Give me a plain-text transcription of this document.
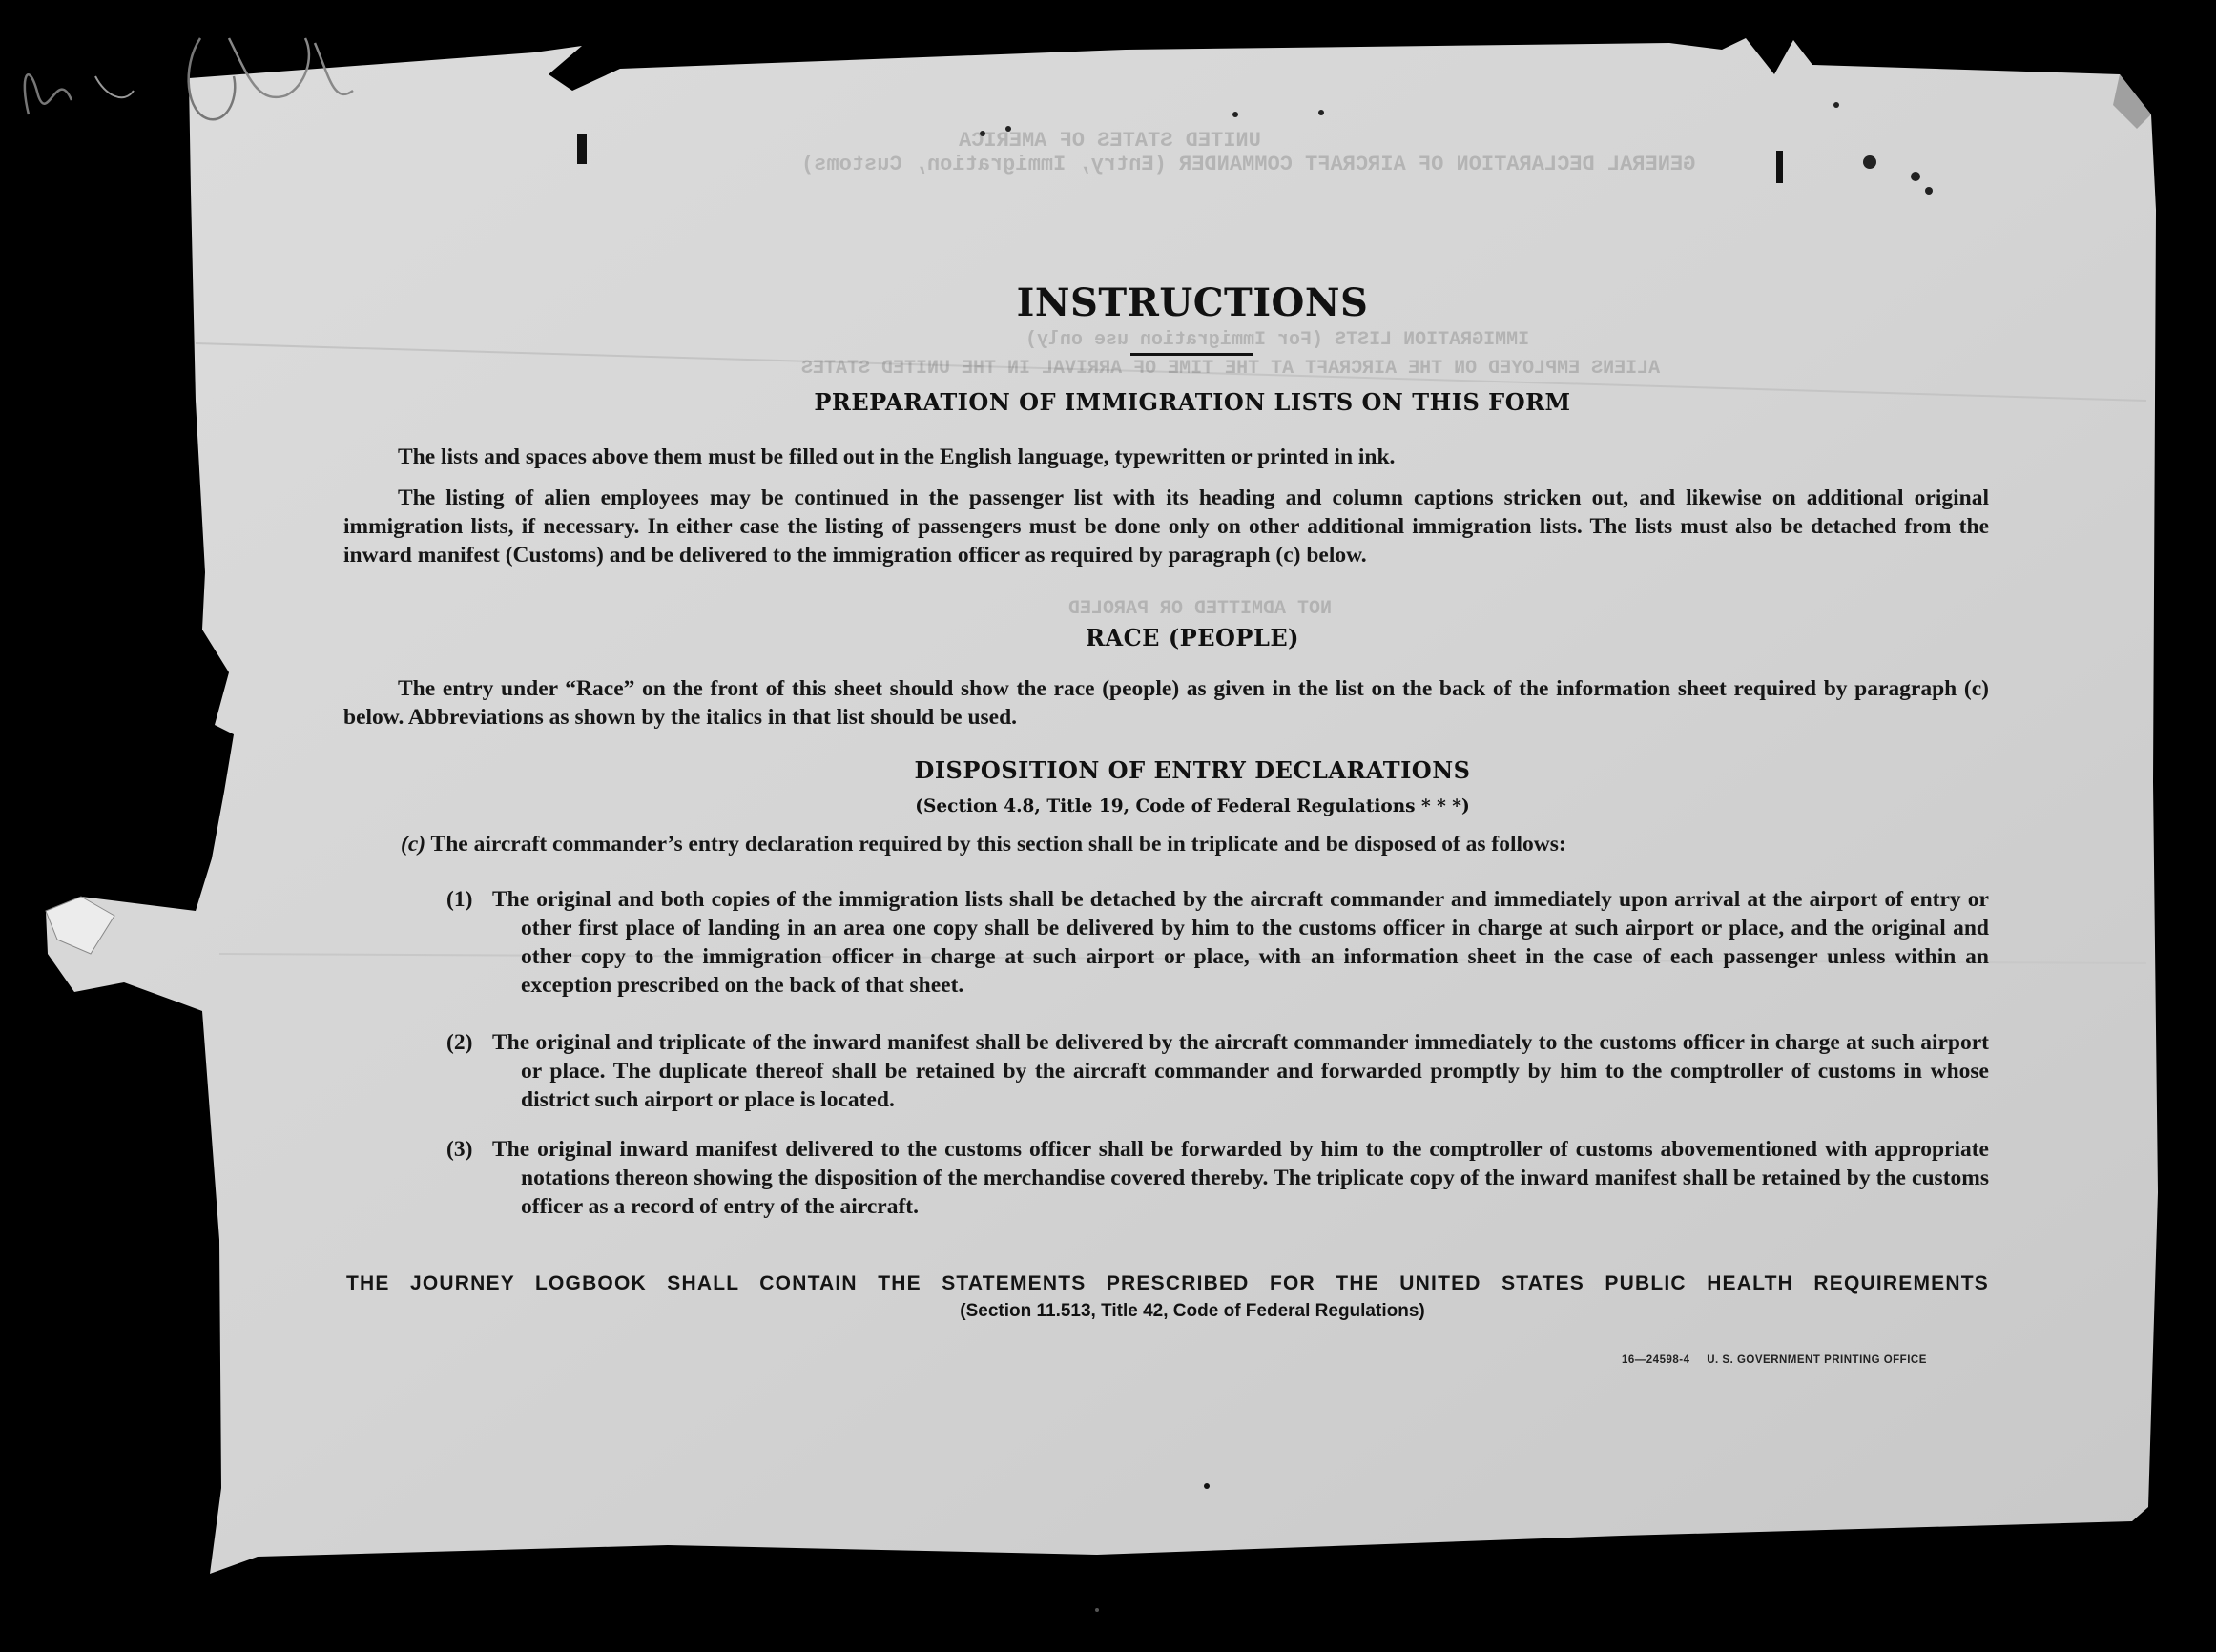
UNITED STATES OF AMERICA
GENERAL DECLARATION OF AIRCRAFT COMMANDER (Entry, Immigration, Customs)
IMMIGRATION LISTS (For Immigration use only)
ALIENS EMPLOYED ON THE AIRCRAFT AT THE TIME OF ARRIVAL IN THE UNITED STATES
NOT ADMITTED OR PAROLED
INSTRUCTIONS
PREPARATION OF IMMIGRATION LISTS ON THIS FORM
The lists and spaces above them must be filled out in the English language, typewritten or printed in ink.
The listing of alien employees may be continued in the passenger list with its heading and column captions stricken out, and likewise on additional original immigration lists, if necessary. In either case the listing of passengers must be done only on other additional immigration lists. The lists must also be detached from the inward manifest (Customs) and be delivered to the immigration officer as required by paragraph (c) below.
RACE (PEOPLE)
The entry under “Race” on the front of this sheet should show the race (people) as given in the list on the back of the information sheet required by paragraph (c) below. Abbreviations as shown by the italics in that list should be used.
DISPOSITION OF ENTRY DECLARATIONS
(Section 4.8, Title 19, Code of Federal Regulations * * *)
(c) The aircraft commander’s entry declaration required by this section shall be in triplicate and be disposed of as follows:
(1) The original and both copies of the immigration lists shall be detached by the aircraft commander and immediately upon arrival at the airport of entry or other first place of landing in an area one copy shall be delivered by him to the customs officer in charge at such airport or place, and the original and other copy to the immigration officer in charge at such airport or place, with an information sheet in the case of each passenger unless within an exception prescribed on the back of that sheet.
(2) The original and triplicate of the inward manifest shall be delivered by the aircraft commander immediately to the customs officer in charge at such airport or place. The duplicate thereof shall be retained by the aircraft commander and forwarded promptly by him to the comptroller of customs in whose district such airport or place is located.
(3) The original inward manifest delivered to the customs officer shall be forwarded by him to the comptroller of customs abovementioned with appropriate notations thereon showing the disposition of the merchandise covered thereby. The triplicate copy of the inward manifest shall be retained by the customs officer as a record of entry of the aircraft.
THE JOURNEY LOGBOOK SHALL CONTAIN THE STATEMENTS PRESCRIBED FOR THE UNITED STATES PUBLIC HEALTH REQUIREMENTS
(Section 11.513, Title 42, Code of Federal Regulations)
16—24598-4 U. S. GOVERNMENT PRINTING OFFICE
